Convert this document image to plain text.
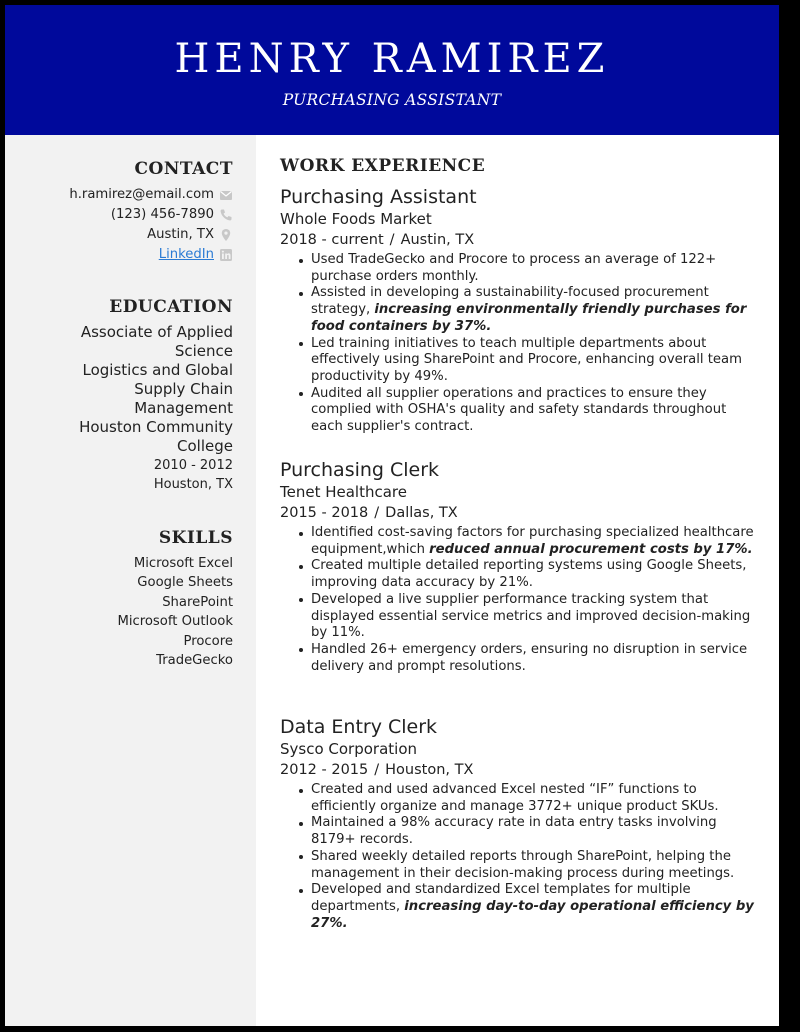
HENRY RAMIREZ
PURCHASING ASSISTANT
CONTACT
h.ramirez@email.com
(123) 456-7890
Austin, TX
LinkedIn
EDUCATION
Associate of Applied
Science
Logistics and Global
Supply Chain
Management
Houston Community
College
2010 - 2012
Houston, TX
SKILLS
Microsoft Excel
Google Sheets
SharePoint
Microsoft Outlook
Procore
TradeGecko
WORK EXPERIENCE
Purchasing Assistant
Whole Foods Market
2018 - current / Austin, TX
Used TradeGecko and Procore to process an average of 122+ purchase orders monthly.
Assisted in developing a sustainability-focused procurement strategy, increasing environmentally friendly purchases for food containers by 37%.
Led training initiatives to teach multiple departments about effectively using SharePoint and Procore, enhancing overall team productivity by 49%.
Audited all supplier operations and practices to ensure they complied with OSHA's quality and safety standards throughout each supplier's contract.
Purchasing Clerk
Tenet Healthcare
2015 - 2018 / Dallas, TX
Identified cost-saving factors for purchasing specialized healthcare equipment,which reduced annual procurement costs by 17%.
Created multiple detailed reporting systems using Google Sheets, improving data accuracy by 21%.
Developed a live supplier performance tracking system that displayed essential service metrics and improved decision-making by 11%.
Handled 26+ emergency orders, ensuring no disruption in service delivery and prompt resolutions.
Data Entry Clerk
Sysco Corporation
2012 - 2015 / Houston, TX
Created and used advanced Excel nested “IF” functions to efficiently organize and manage 3772+ unique product SKUs.
Maintained a 98% accuracy rate in data entry tasks involving 8179+ records.
Shared weekly detailed reports through SharePoint, helping the management in their decision-making process during meetings.
Developed and standardized Excel templates for multiple departments, increasing day-to-day operational efficiency by 27%.
